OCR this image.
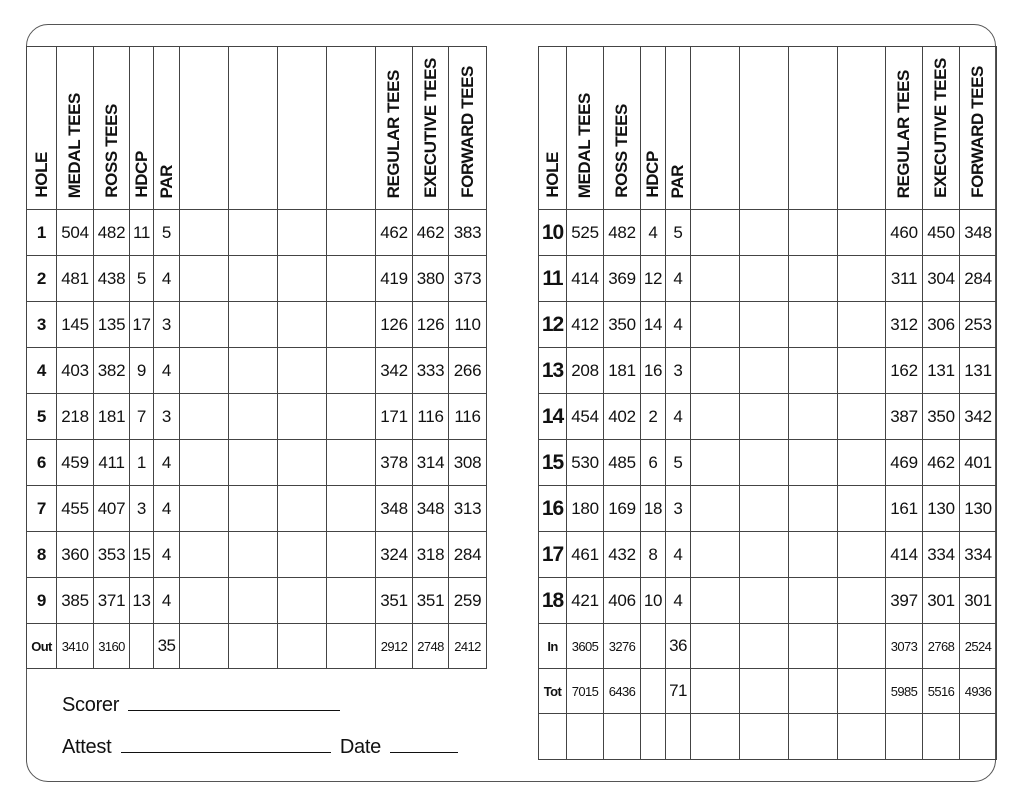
HOLE	MEDAL TEES	ROSS TEES	HDCP	PAR					REGULAR TEES	EXECUTIVE TEES	FORWARD TEES
1	504	482	11	5					462	462	383
2	481	438	5	4					419	380	373
3	145	135	17	3					126	126	110
4	403	382	9	4					342	333	266
5	218	181	7	3					171	116	116
6	459	411	1	4					378	314	308
7	455	407	3	4					348	348	313
8	360	353	15	4					324	318	284
9	385	371	13	4					351	351	259
Out	3410	3160		35					2912	2748	2412
HOLE	MEDAL TEES	ROSS TEES	HDCP	PAR					REGULAR TEES	EXECUTIVE TEES	FORWARD TEES
10	525	482	4	5					460	450	348
11	414	369	12	4					311	304	284
12	412	350	14	4					312	306	253
13	208	181	16	3					162	131	131
14	454	402	2	4					387	350	342
15	530	485	6	5					469	462	401
16	180	169	18	3					161	130	130
17	461	432	8	4					414	334	334
18	421	406	10	4					397	301	301
In	3605	3276		36					3073	2768	2524
Tot	7015	6436		71					5985	5516	4936

Scorer
Attest	Date
